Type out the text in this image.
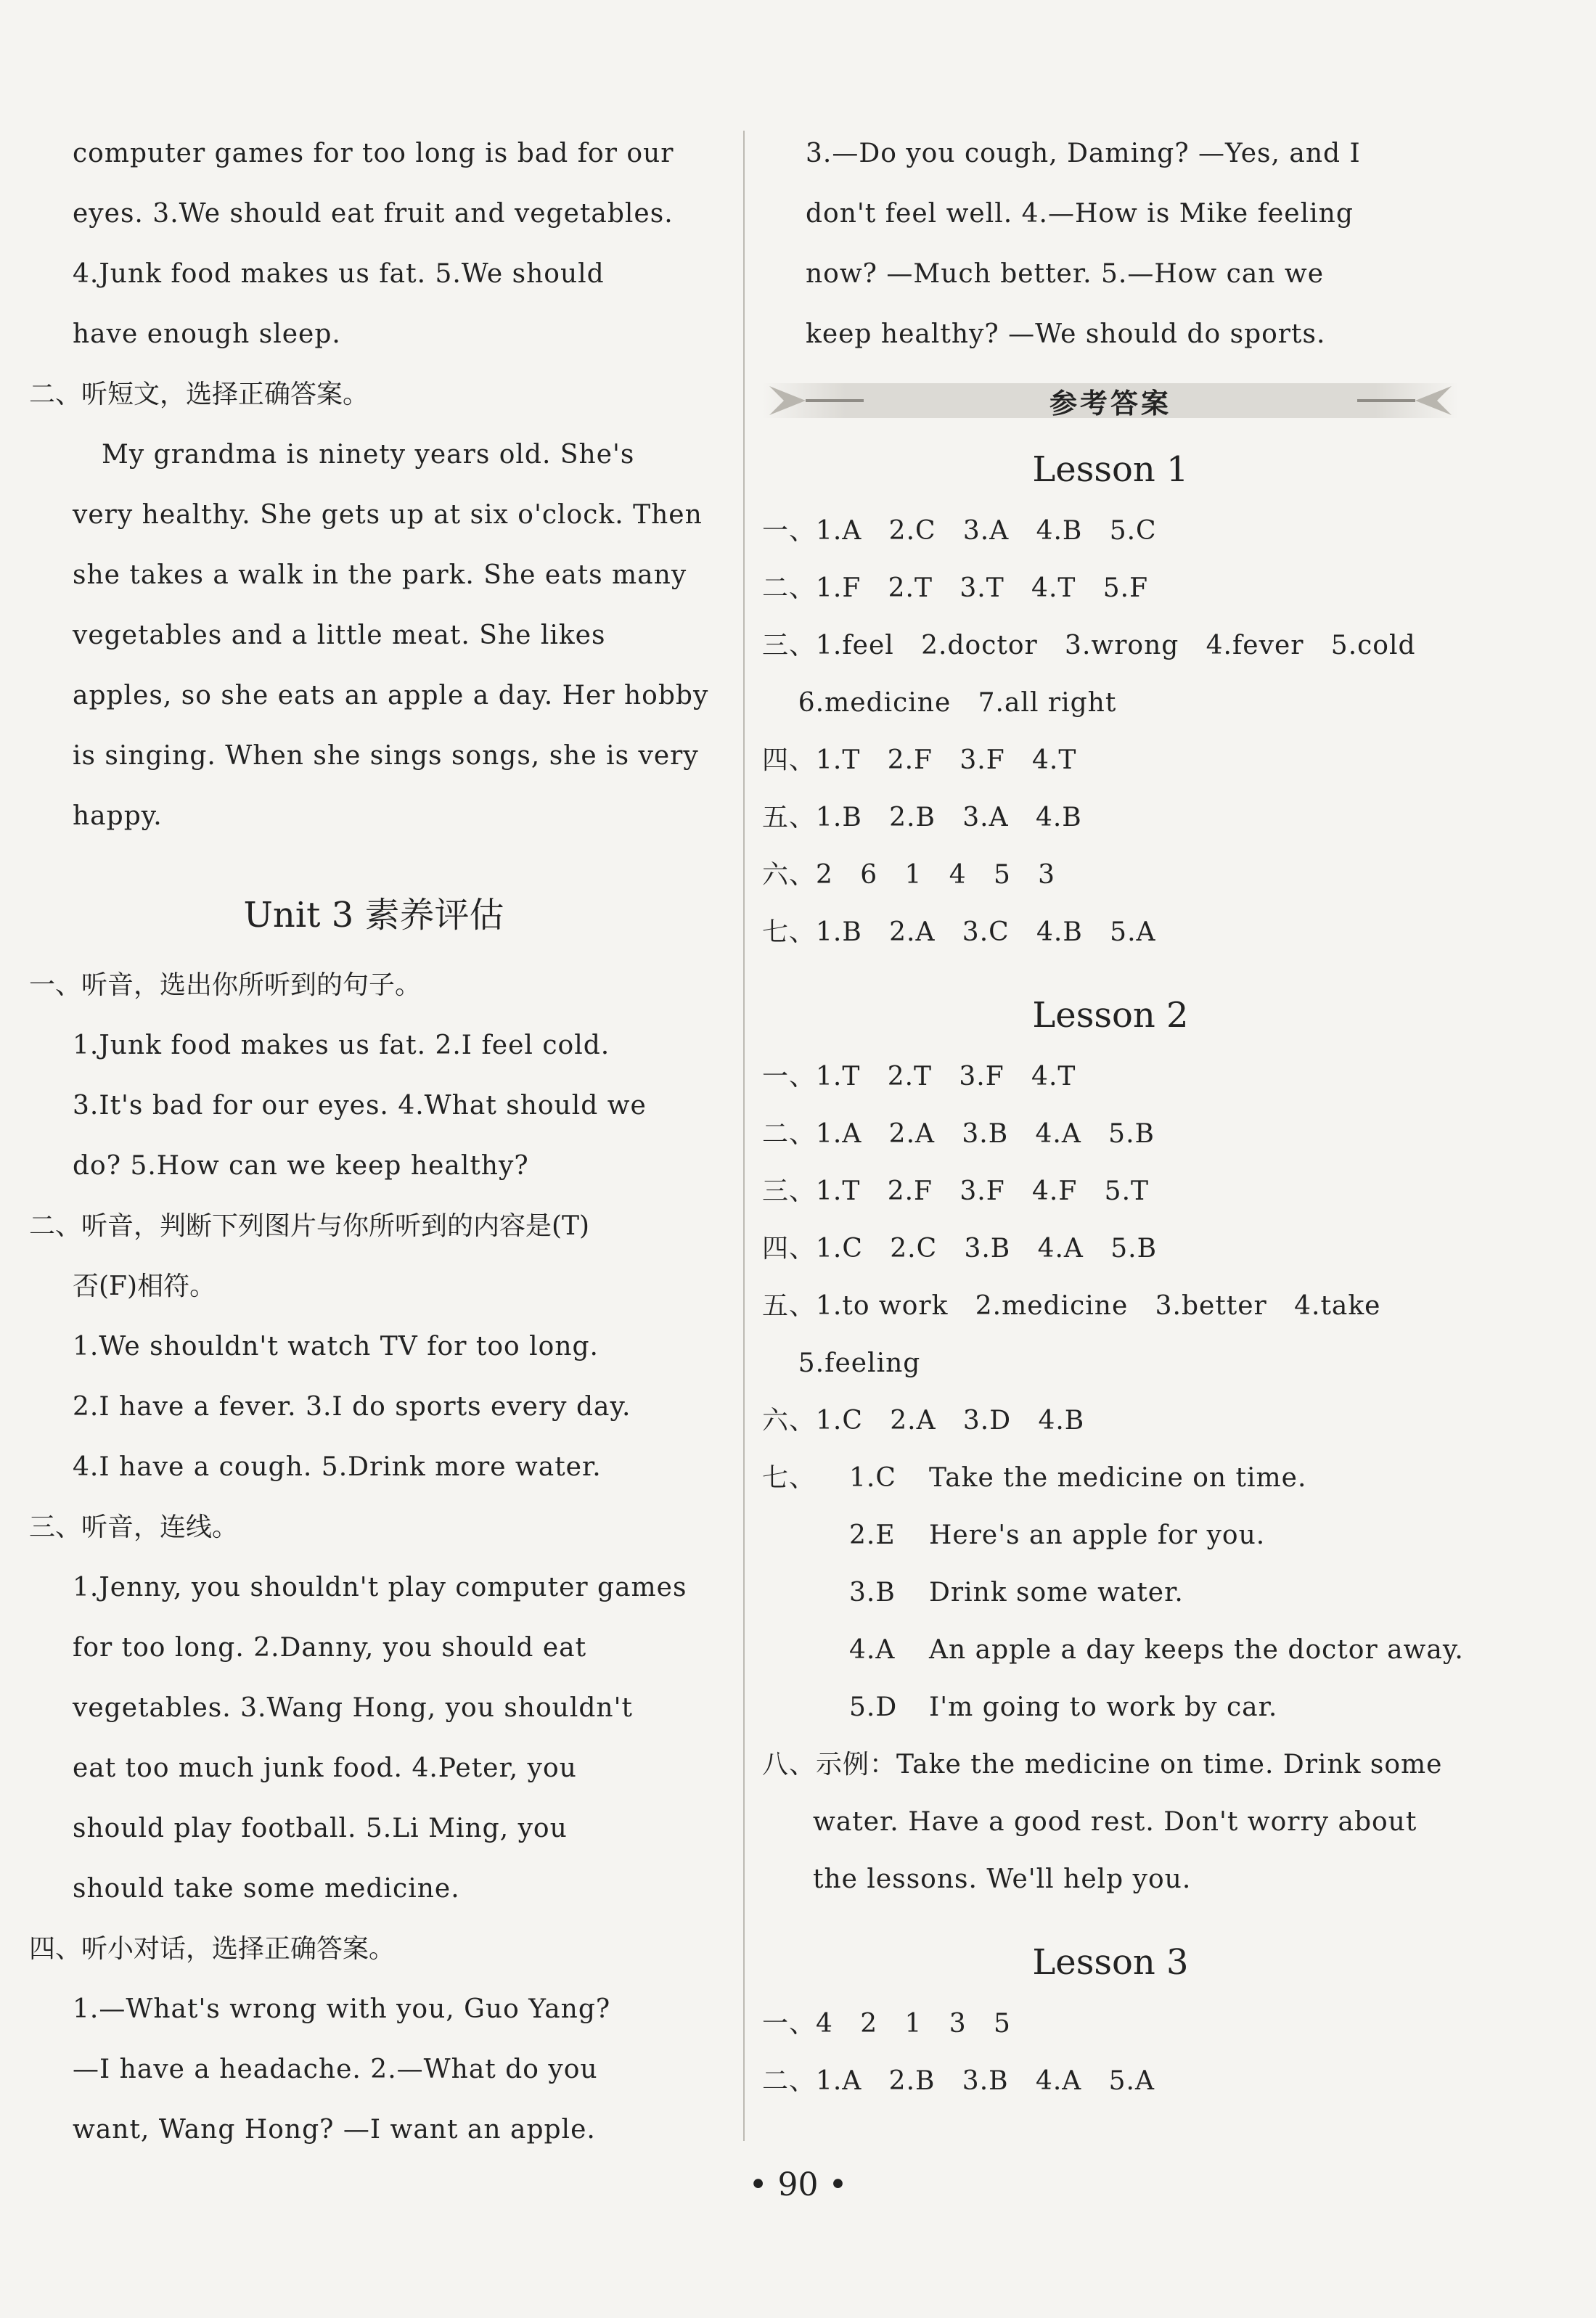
computer games for too long is bad for our

eyes. 3.We should eat fruit and vegetables.

4.Junk food makes us fat. 5.We should

have enough sleep.

二、听短文，选择正确答案。

My grandma is ninety years old. She's

very healthy. She gets up at six o'clock. Then

she takes a walk in the park. She eats many

vegetables and a little meat. She likes

apples, so she eats an apple a day. Her hobby

is singing. When she sings songs, she is very

happy.

Unit 3 素养评估

一、听音，选出你所听到的句子。

1.Junk food makes us fat. 2.I feel cold.

3.It's bad for our eyes. 4.What should we

do? 5.How can we keep healthy?

二、听音，判断下列图片与你所听到的内容是(T)

否(F)相符。

1.We shouldn't watch TV for too long.

2.I have a fever. 3.I do sports every day.

4.I have a cough. 5.Drink more water.

三、听音，连线。

1.Jenny, you shouldn't play computer games

for too long. 2.Danny, you should eat

vegetables. 3.Wang Hong, you shouldn't

eat too much junk food. 4.Peter, you

should play football. 5.Li Ming, you

should take some medicine.

四、听小对话，选择正确答案。

1.—What's wrong with you, Guo Yang?

—I have a headache. 2.—What do you

want, Wang Hong? —I want an apple.

3.—Do you cough, Daming? —Yes, and I

don't feel well. 4.—How is Mike feeling

now? —Much better. 5.—How can we

keep healthy? —We should do sports.

参考答案

Lesson 1

一、1.A   2.C   3.A   4.B   5.C

二、1.F   2.T   3.T   4.T   5.F

三、1.feel   2.doctor   3.wrong   4.fever   5.cold

6.medicine   7.all right

四、1.T   2.F   3.F   4.T

五、1.B   2.B   3.A   4.B

六、2   6   1   4   5   3

七、1.B   2.A   3.C   4.B   5.A

Lesson 2

一、1.T   2.T   3.F   4.T

二、1.A   2.A   3.B   4.A   5.B

三、1.T   2.F   3.F   4.F   5.T

四、1.C   2.C   3.B   4.A   5.B

五、1.to work   2.medicine   3.better   4.take

5.feeling

六、1.C   2.A   3.D   4.B

七、	1.C Take the medicine on time.
2.E Here's an apple for you.
3.B Drink some water.
4.A An apple a day keeps the doctor away.
5.D I'm going to work by car.

八、示例：Take the medicine on time. Drink some

water. Have a good rest. Don't worry about

the lessons. We'll help you.

Lesson 3

一、4   2   1   3   5

二、1.A   2.B   3.B   4.A   5.A

• 90 •
